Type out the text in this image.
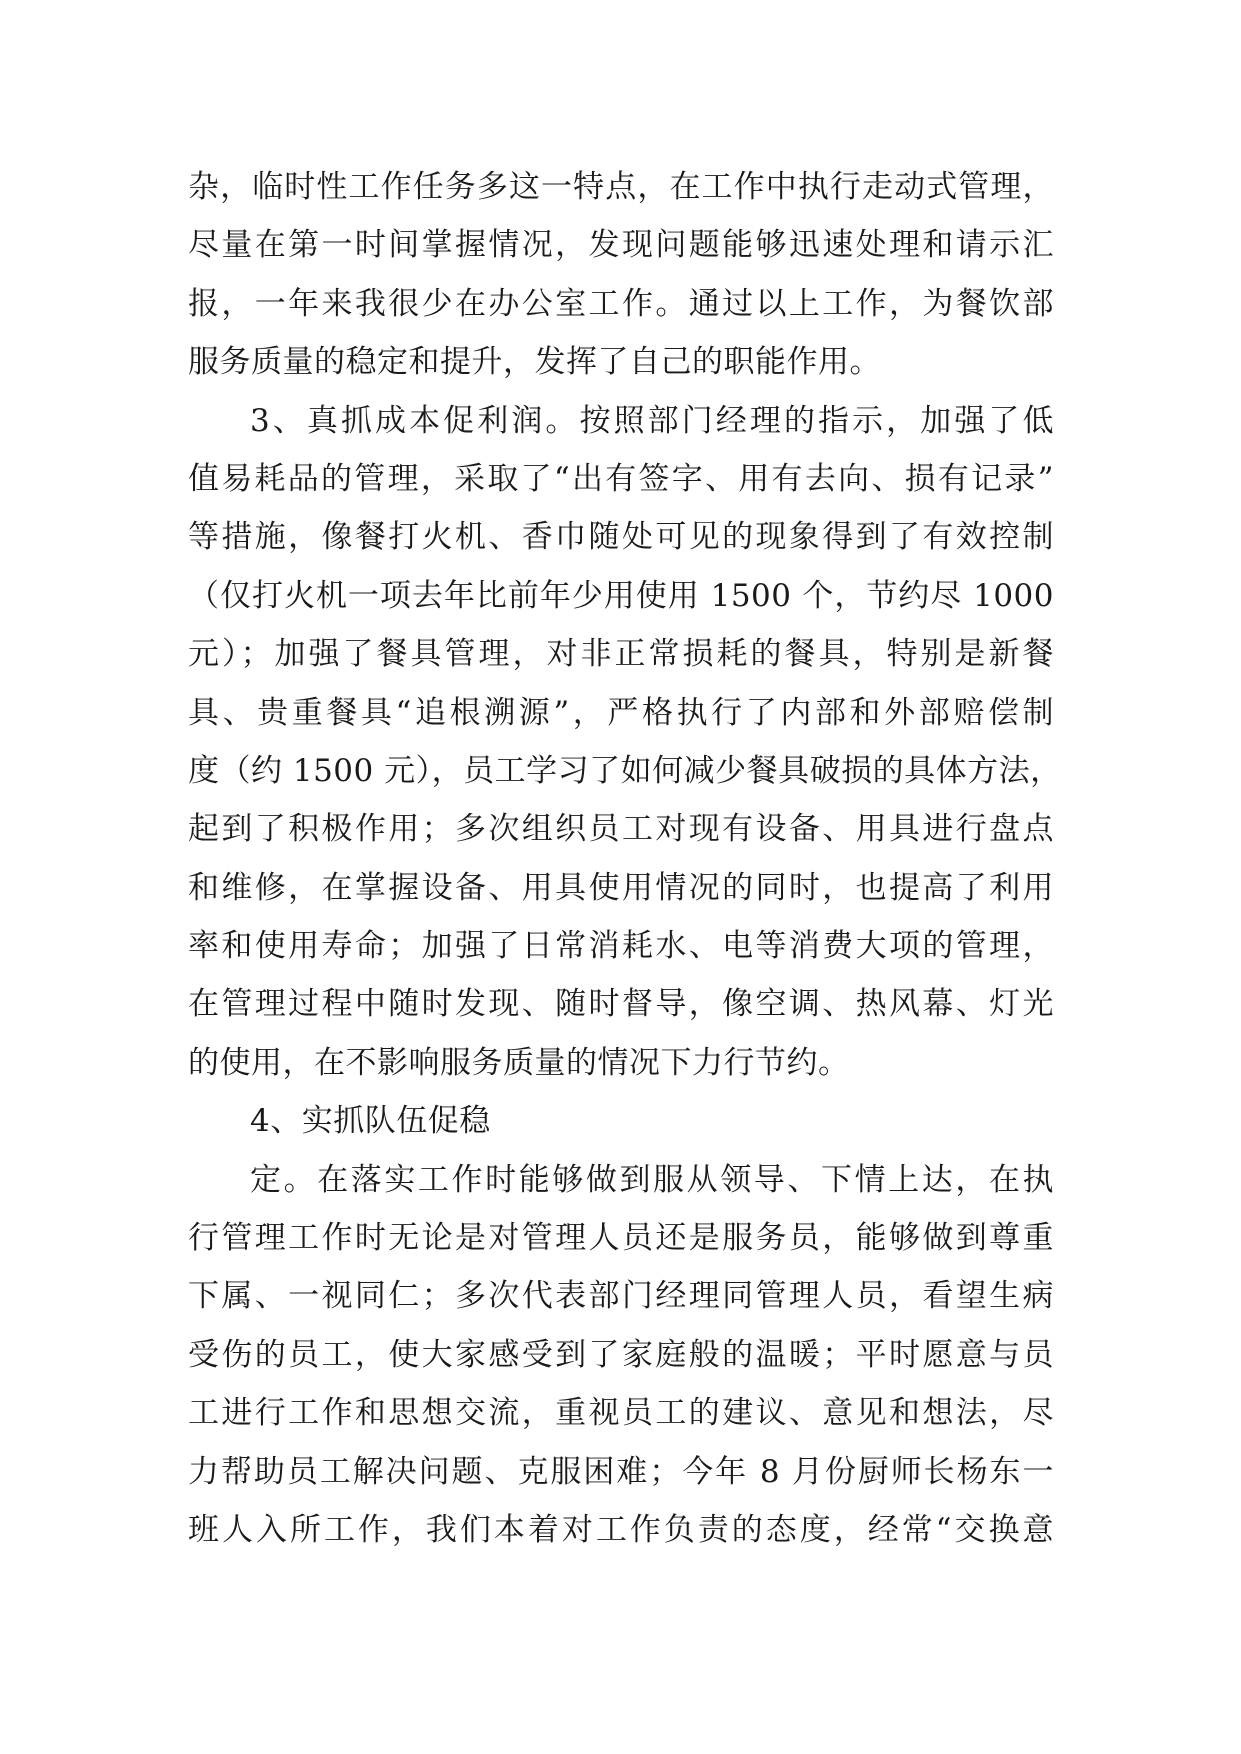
杂，临时性工作任务多这一特点，在工作中执行走动式管理，
尽量在第一时间掌握情况，发现问题能够迅速处理和请示汇
报，一年来我很少在办公室工作。通过以上工作，为餐饮部
服务质量的稳定和提升，发挥了自己的职能作用。
3、真抓成本促利润。按照部门经理的指示，加强了低
值易耗品的管理，采取了“出有签字、用有去向、损有记录”
等措施，像餐打火机、香巾随处可见的现象得到了有效控制
（仅打火机一项去年比前年少用使用 1500 个，节约尽 1000
元）；加强了餐具管理，对非正常损耗的餐具，特别是新餐
具、贵重餐具“追根溯源”，严格执行了内部和外部赔偿制
度（约 1500 元），员工学习了如何减少餐具破损的具体方法，
起到了积极作用；多次组织员工对现有设备、用具进行盘点
和维修，在掌握设备、用具使用情况的同时，也提高了利用
率和使用寿命；加强了日常消耗水、电等消费大项的管理，
在管理过程中随时发现、随时督导，像空调、热风幕、灯光
的使用，在不影响服务质量的情况下力行节约。
4、实抓队伍促稳
定。在落实工作时能够做到服从领导、下情上达，在执
行管理工作时无论是对管理人员还是服务员，能够做到尊重
下属、一视同仁；多次代表部门经理同管理人员，看望生病
受伤的员工，使大家感受到了家庭般的温暖；平时愿意与员
工进行工作和思想交流，重视员工的建议、意见和想法，尽
力帮助员工解决问题、克服困难；今年 8 月份厨师长杨东一
班人入所工作，我们本着对工作负责的态度，经常“交换意
